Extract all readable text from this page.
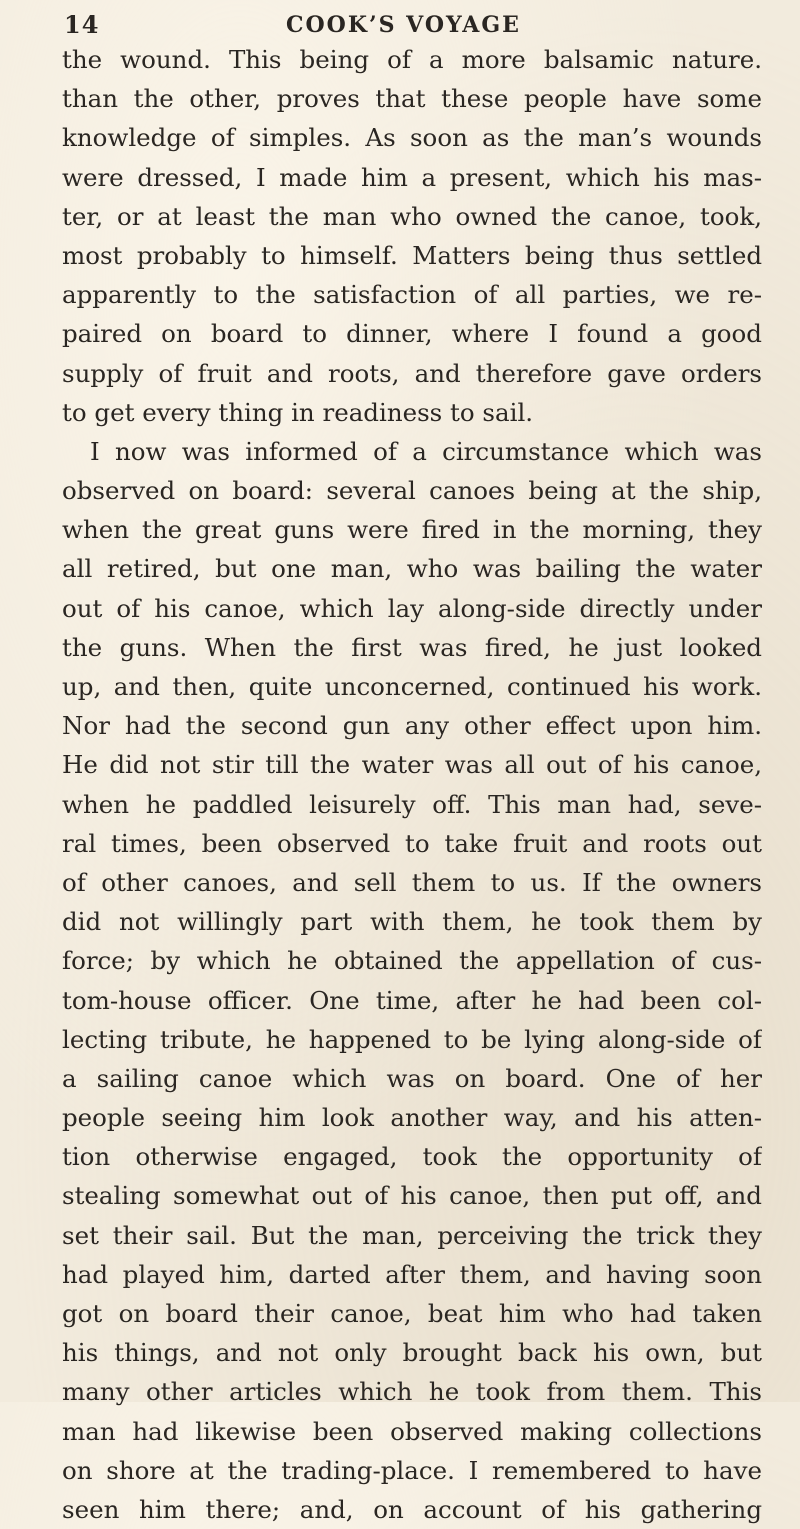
14	COOK’S VOYAGE
the wound. This being of a more balsamic nature.
than the other, proves that these people have some
knowledge of simples. As soon as the man’s wounds
were dressed, I made him a present, which his mas-
ter, or at least the man who owned the canoe, took,
most probably to himself. Matters being thus settled
apparently to the satisfaction of all parties, we re-
paired on board to dinner, where I found a good
supply of fruit and roots, and therefore gave orders
to get every thing in readiness to sail.
I now was informed of a circumstance which was
observed on board: several canoes being at the ship,
when the great guns were fired in the morning, they
all retired, but one man, who was bailing the water
out of his canoe, which lay along-side directly under
the guns. When the first was fired, he just looked
up, and then, quite unconcerned, continued his work.
Nor had the second gun any other effect upon him.
He did not stir till the water was all out of his canoe,
when he paddled leisurely off. This man had, seve-
ral times, been observed to take fruit and roots out
of other canoes, and sell them to us. If the owners
did not willingly part with them, he took them by
force; by which he obtained the appellation of cus-
tom-house officer. One time, after he had been col-
lecting tribute, he happened to be lying along-side of
a sailing canoe which was on board. One of her
people seeing him look another way, and his atten-
tion otherwise engaged, took the opportunity of
stealing somewhat out of his canoe, then put off, and
set their sail. But the man, perceiving the trick they
had played him, darted after them, and having soon
got on board their canoe, beat him who had taken
his things, and not only brought back his own, but
many other articles which he took from them. This
man had likewise been observed making collections
on shore at the trading-place. I remembered to have
seen him there; and, on account of his gathering
